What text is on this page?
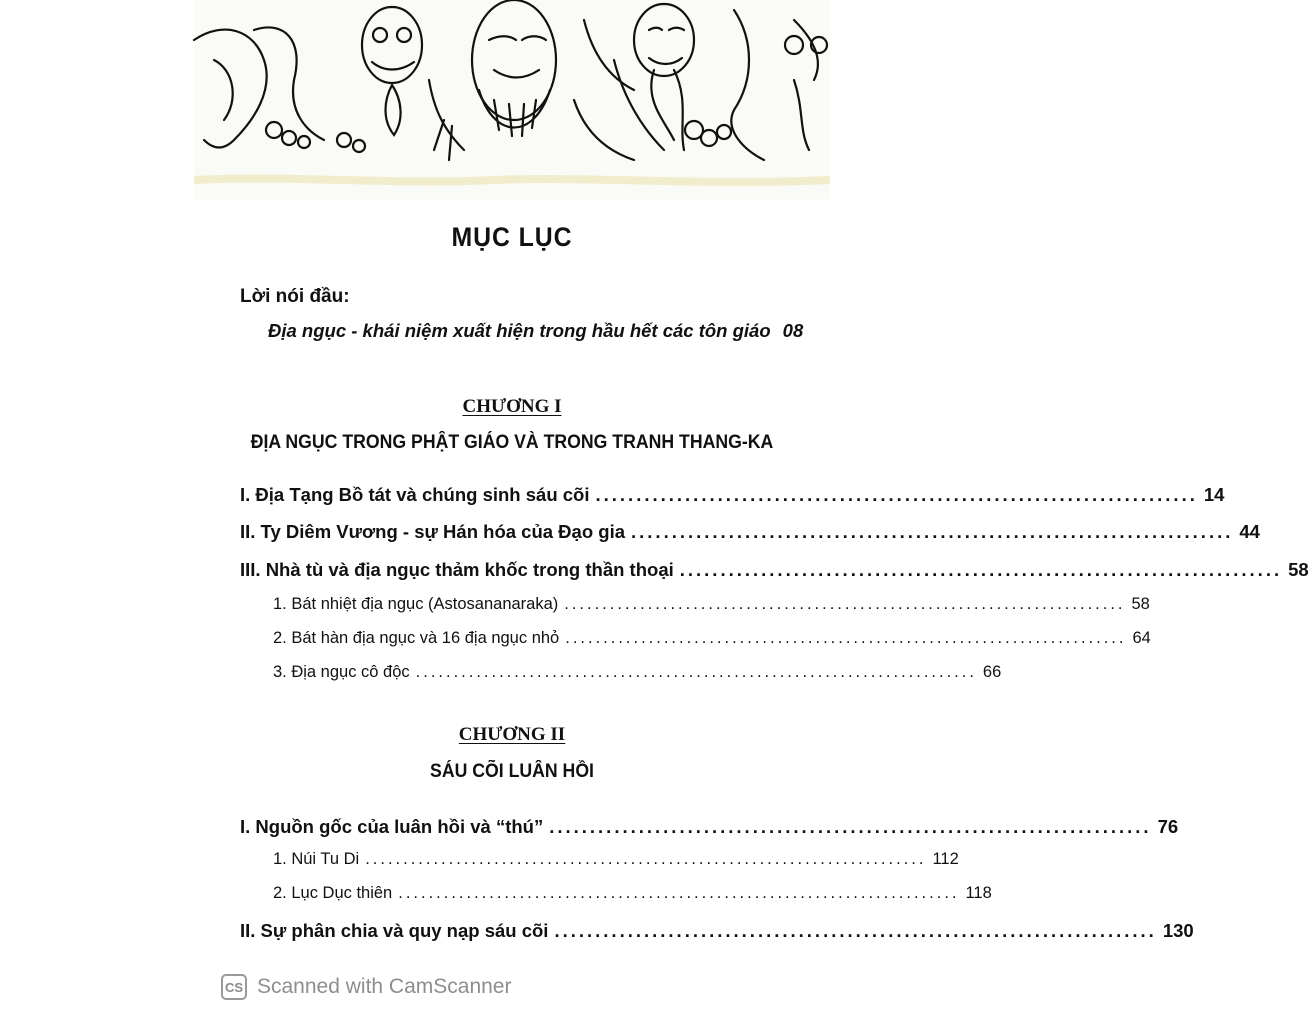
MỤC LỤC
Lời nói đầu:
Địa ngục - khái niệm xuất hiện trong hầu hết các tôn giáo 08
CHƯƠNG I
ĐỊA NGỤC TRONG PHẬT GIÁO VÀ TRONG TRANH THANG-KA
I. Địa Tạng Bồ tát và chúng sinh sáu cõi .......................................................................... 14
II. Ty Diêm Vương - sự Hán hóa của Đạo gia .......................................................................... 44
III. Nhà tù và địa ngục thảm khốc trong thần thoại .......................................................................... 58
1. Bát nhiệt địa ngục (Astosananaraka) .......................................................................... 58
2. Bát hàn địa ngục và 16 địa ngục nhỏ .......................................................................... 64
3. Địa ngục cô độc .......................................................................... 66
CHƯƠNG II
SÁU CÕI LUÂN HỒI
I. Nguồn gốc của luân hồi và “thú” .......................................................................... 76
1. Núi Tu Di .......................................................................... 112
2. Lục Dục thiên .......................................................................... 118
II. Sự phân chia và quy nạp sáu cõi .......................................................................... 130
CS Scanned with CamScanner
